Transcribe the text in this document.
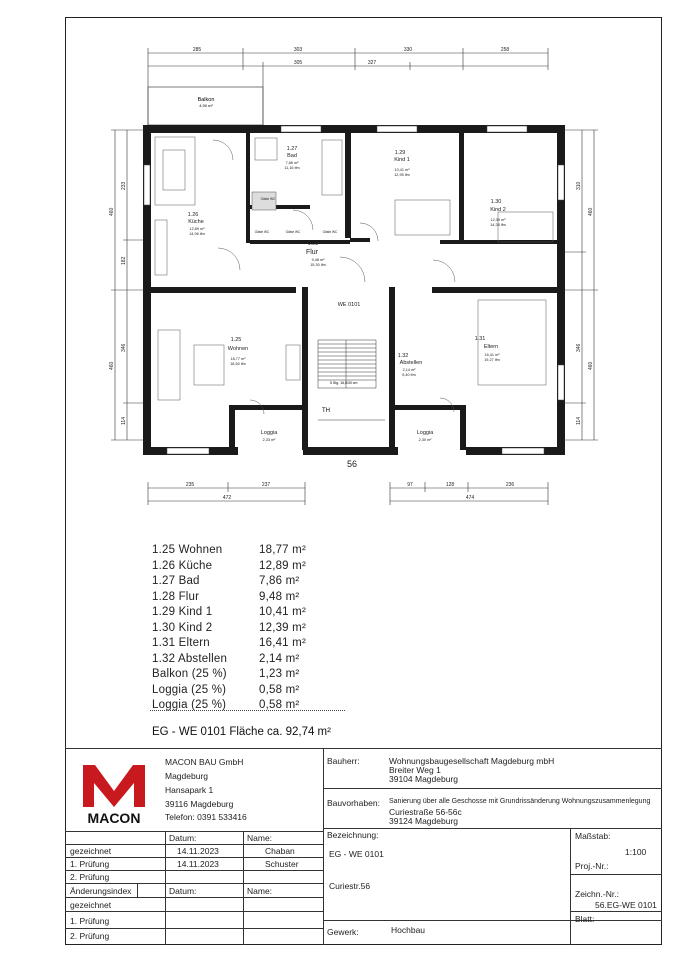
285	303	330	258
305	327
Balkon
4,90 m²
5 Stg. 16,5/30 cm
TH
1.26
Küche
12,89 m²
14,96 lfm
1.27
Bad
7,86 m²
11,16 lfm
1.29
Kind 1
10,41 m²
12,95 lfm
1.30
Kind 2
12,39 m²
14,28 lfm
1.28
Flur
9,48 m²
15,30 lfm
1.25
Wohnen
18,77 m²
18,50 lfm
1.32
Abstellen
2,14 m²
5,40 lfm
1.31
Eltern
16,41 m²
19,27 lfm
Loggia
2,33 m²
Loggia
2,30 m²
WE 0101
56
Gäste WC	Gäste WC	Gäste WC
Gäste WC
460
460
233
182
346
114
460
460
310
346
114
235	237
472
97	128	236
474
1.25 Wohnen	18,77 m²
1.26 Küche	12,89 m²
1.27 Bad	7,86 m²
1.28 Flur	9,48 m²
1.29 Kind 1	10,41 m²
1.30 Kind 2	12,39 m²
1.31 Eltern	16,41 m²
1.32 Abstellen	2,14 m²
Balkon (25 %)	1,23 m²
Loggia (25 %)	0,58 m²
Loggia (25 %)	0,58 m²
EG - WE 0101 Fläche ca. 92,74 m²
MACON
MACON BAU GmbH
Magdeburg
Hansapark 1
39116 Magdeburg
Telefon: 0391 533416
Bauherr:	Wohnungsbaugesellschaft Magdeburg mbH
Breiter Weg 1
39104 Magdeburg
Bauvorhaben: Sanierung über alle Geschosse mit Grundrissänderung Wohnungszusammenlegung
Curiestraße 56-56c
39124 Magdeburg
Bezeichnung:
EG - WE 0101
Curiestr.56
Gewerk:	Hochbau
Maßstab:
1:100
Proj.-Nr.:
Zeichn.-Nr.:
56.EG-WE 0101
Blatt:
Datum:	Name:
gezeichnet	14.11.2023	Chaban
1. Prüfung	14.11.2023	Schuster
2. Prüfung
Änderungsindex	Datum:	Name:
gezeichnet
1. Prüfung
2. Prüfung
